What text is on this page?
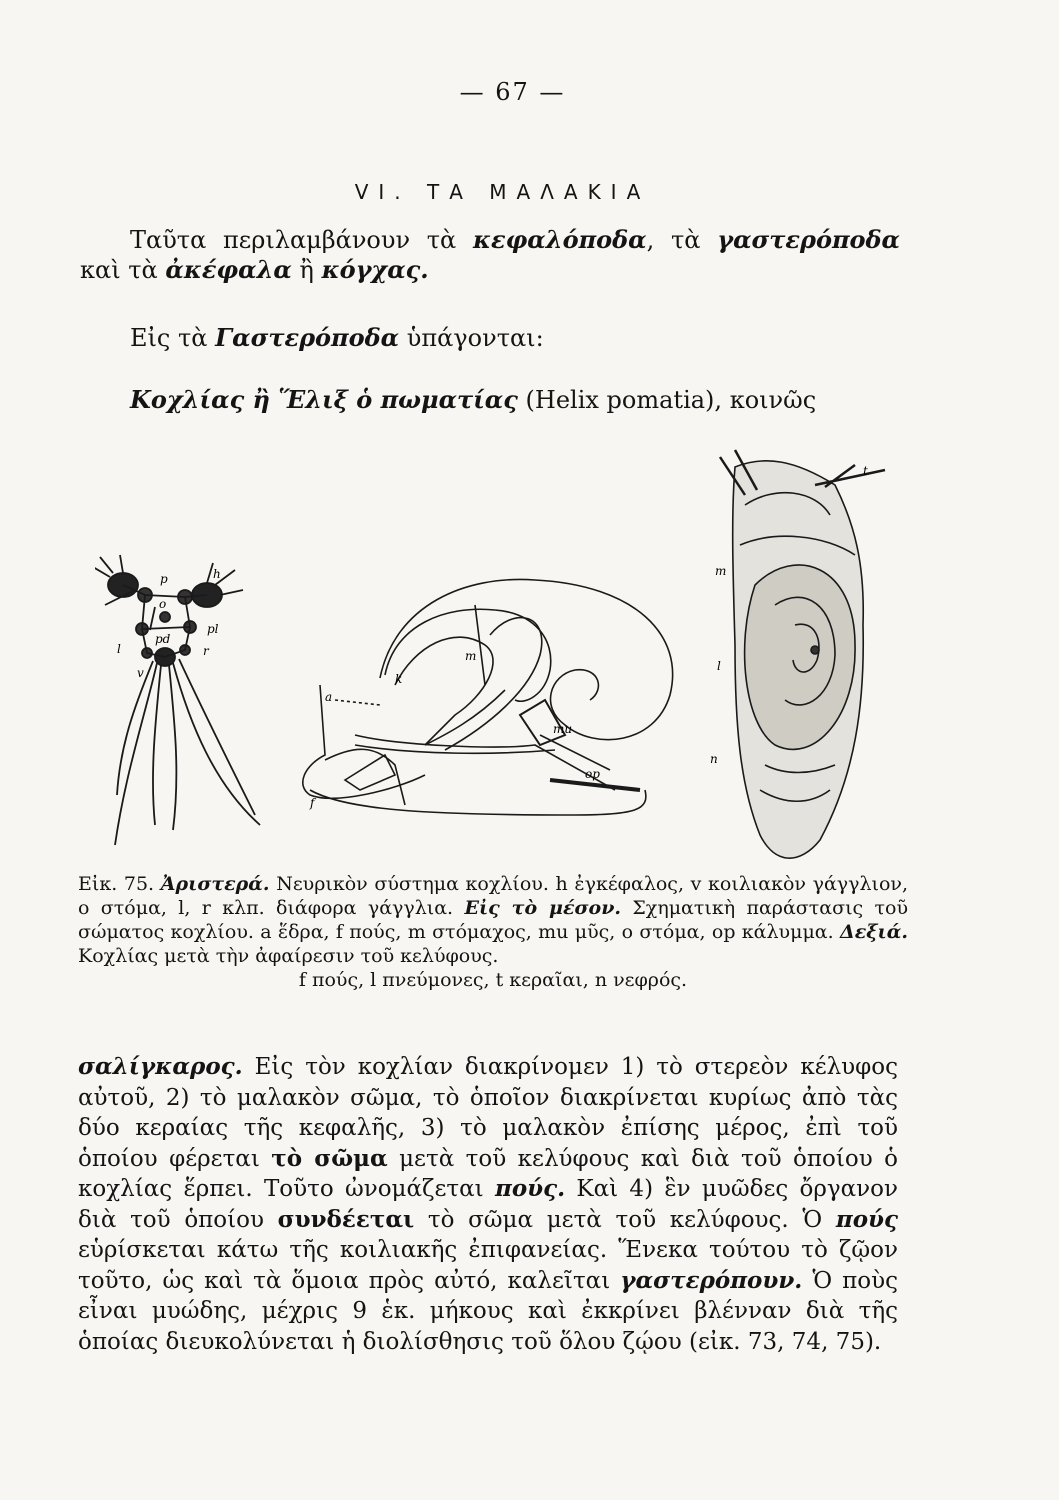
— 67 —
VI. ΤΑ ΜΑΛΑΚΙΑ
Ταῦτα περιλαμβάνουν τὰ κεφαλόποδα, τὰ γαστερόποδα καὶ τὰ ἀκέφαλα ἢ κόγχας.
Εἰς τὰ Γαστερόποδα ὑπάγονται:
Κοχλίας ἢ Ἕλιξ ὁ πωματίας (Helix pomatia), κοινῶς
p	h
o
pl
pd
l	r
v
m
k
mu
op
a
f
t
m
l
n
Εἰκ. 75. Ἀριστερά. Νευρικὸν σύστημα κοχλίου. h ἐγκέφαλος, v κοιλιακὸν γάγγλιον, o στόμα, l, r κλπ. διάφορα γάγγλια. Εἰς τὸ μέσον. Σχηματικὴ παράστασις τοῦ σώματος κοχλίου. a ἕδρα, f πούς, m στόμαχος, mu μῦς, o στόμα, op κάλυμμα. Δεξιά. Κοχλίας μετὰ τὴν ἀφαίρεσιν τοῦ κελύφους.
f πούς, l πνεύμονες, t κεραῖαι, n νεφρός.
σαλίγκαρος. Εἰς τὸν κοχλίαν διακρίνομεν 1) τὸ στερεὸν κέλυφος αὐτοῦ, 2) τὸ μαλακὸν σῶμα, τὸ ὁποῖον διακρίνεται κυρίως ἀπὸ τὰς δύο κεραίας τῆς κεφαλῆς, 3) τὸ μαλακὸν ἐπίσης μέρος, ἐπὶ τοῦ ὁποίου φέρεται τὸ σῶμα μετὰ τοῦ κελύφους καὶ διὰ τοῦ ὁποίου ὁ κοχλίας ἕρπει. Τοῦτο ὠνομάζεται πούς. Καὶ 4) ἓν μυῶδες ὄργανον διὰ τοῦ ὁποίου συνδέεται τὸ σῶμα μετὰ τοῦ κελύφους. Ὁ πούς εὑρίσκεται κάτω τῆς κοιλιακῆς ἐπιφανείας. Ἕνεκα τούτου τὸ ζῷον τοῦτο, ὡς καὶ τὰ ὅμοια πρὸς αὐτό, καλεῖται γαστερόπουν. Ὁ ποὺς εἶναι μυώδης, μέχρις 9 ἑκ. μήκους καὶ ἐκκρίνει βλένναν διὰ τῆς ὁποίας διευκολύνεται ἡ διολίσθησις τοῦ ὅλου ζῴου (εἰκ. 73, 74, 75).
